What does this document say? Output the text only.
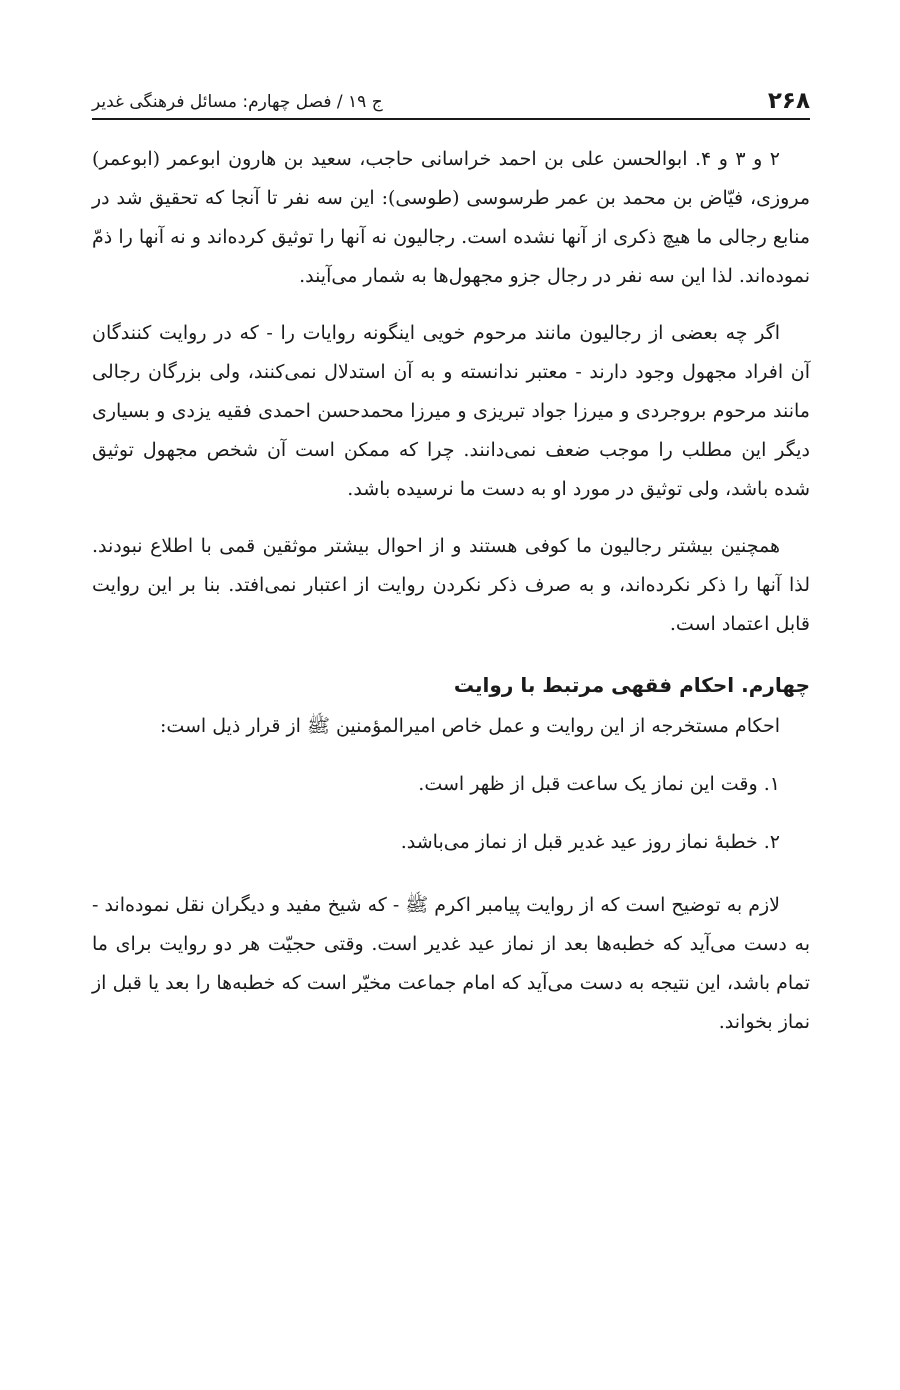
۲۶۸
ج ۱۹ / فصل چهارم: مسائل فرهنگی غدیر

۲ و ۳ و ۴. ابوالحسن علی بن احمد خراسانی حاجب، سعید بن هارون ابوعمر (ابوعمر) مروزی، فیّاض بن محمد بن عمر طرسوسی (طوسی): این سه نفر تا آنجا که تحقیق شد در منابع رجالی ما هیچ ذکری از آنها نشده است. رجالیون نه آنها را توثیق کرده‌اند و نه آنها را ذمّ نموده‌اند. لذا این سه نفر در رجال جزو مجهول‌ها به شمار می‌آیند.

اگر چه بعضی از رجالیون مانند مرحوم خویی اینگونه روایات را - که در روایت کنندگان آن افراد مجهول وجود دارند - معتبر ندانسته و به آن استدلال نمی‌کنند، ولی بزرگان رجالی مانند مرحوم بروجردی و میرزا جواد تبریزی و میرزا محمدحسن احمدی فقیه یزدی و بسیاری دیگر این مطلب را موجب ضعف نمی‌دانند. چرا که ممکن است آن شخص مجهول توثیق شده باشد، ولی توثیق در مورد او به دست ما نرسیده باشد.

همچنین بیشتر رجالیون ما کوفی هستند و از احوال بیشتر موثقین قمی با اطلاع نبودند. لذا آنها را ذکر نکرده‌اند، و به صرف ذکر نکردن روایت از اعتبار نمی‌افتد. بنا بر این روایت قابل اعتماد است.

چهارم. احکام فقهی مرتبط با روایت

احکام مستخرجه از این روایت و عمل خاص امیرالمؤمنین ﷺ از قرار ذیل است:

۱. وقت این نماز یک ساعت قبل از ظهر است.

۲. خطبهٔ نماز روز عید غدیر قبل از نماز می‌باشد.

لازم به توضیح است که از روایت پیامبر اکرم ﷺ - که شیخ مفید و دیگران نقل نموده‌اند - به دست می‌آید که خطبه‌ها بعد از نماز عید غدیر است. وقتی حجیّت هر دو روایت برای ما تمام باشد، این نتیجه به دست می‌آید که امام جماعت مخیّر است که خطبه‌ها را بعد یا قبل از نماز بخواند.
